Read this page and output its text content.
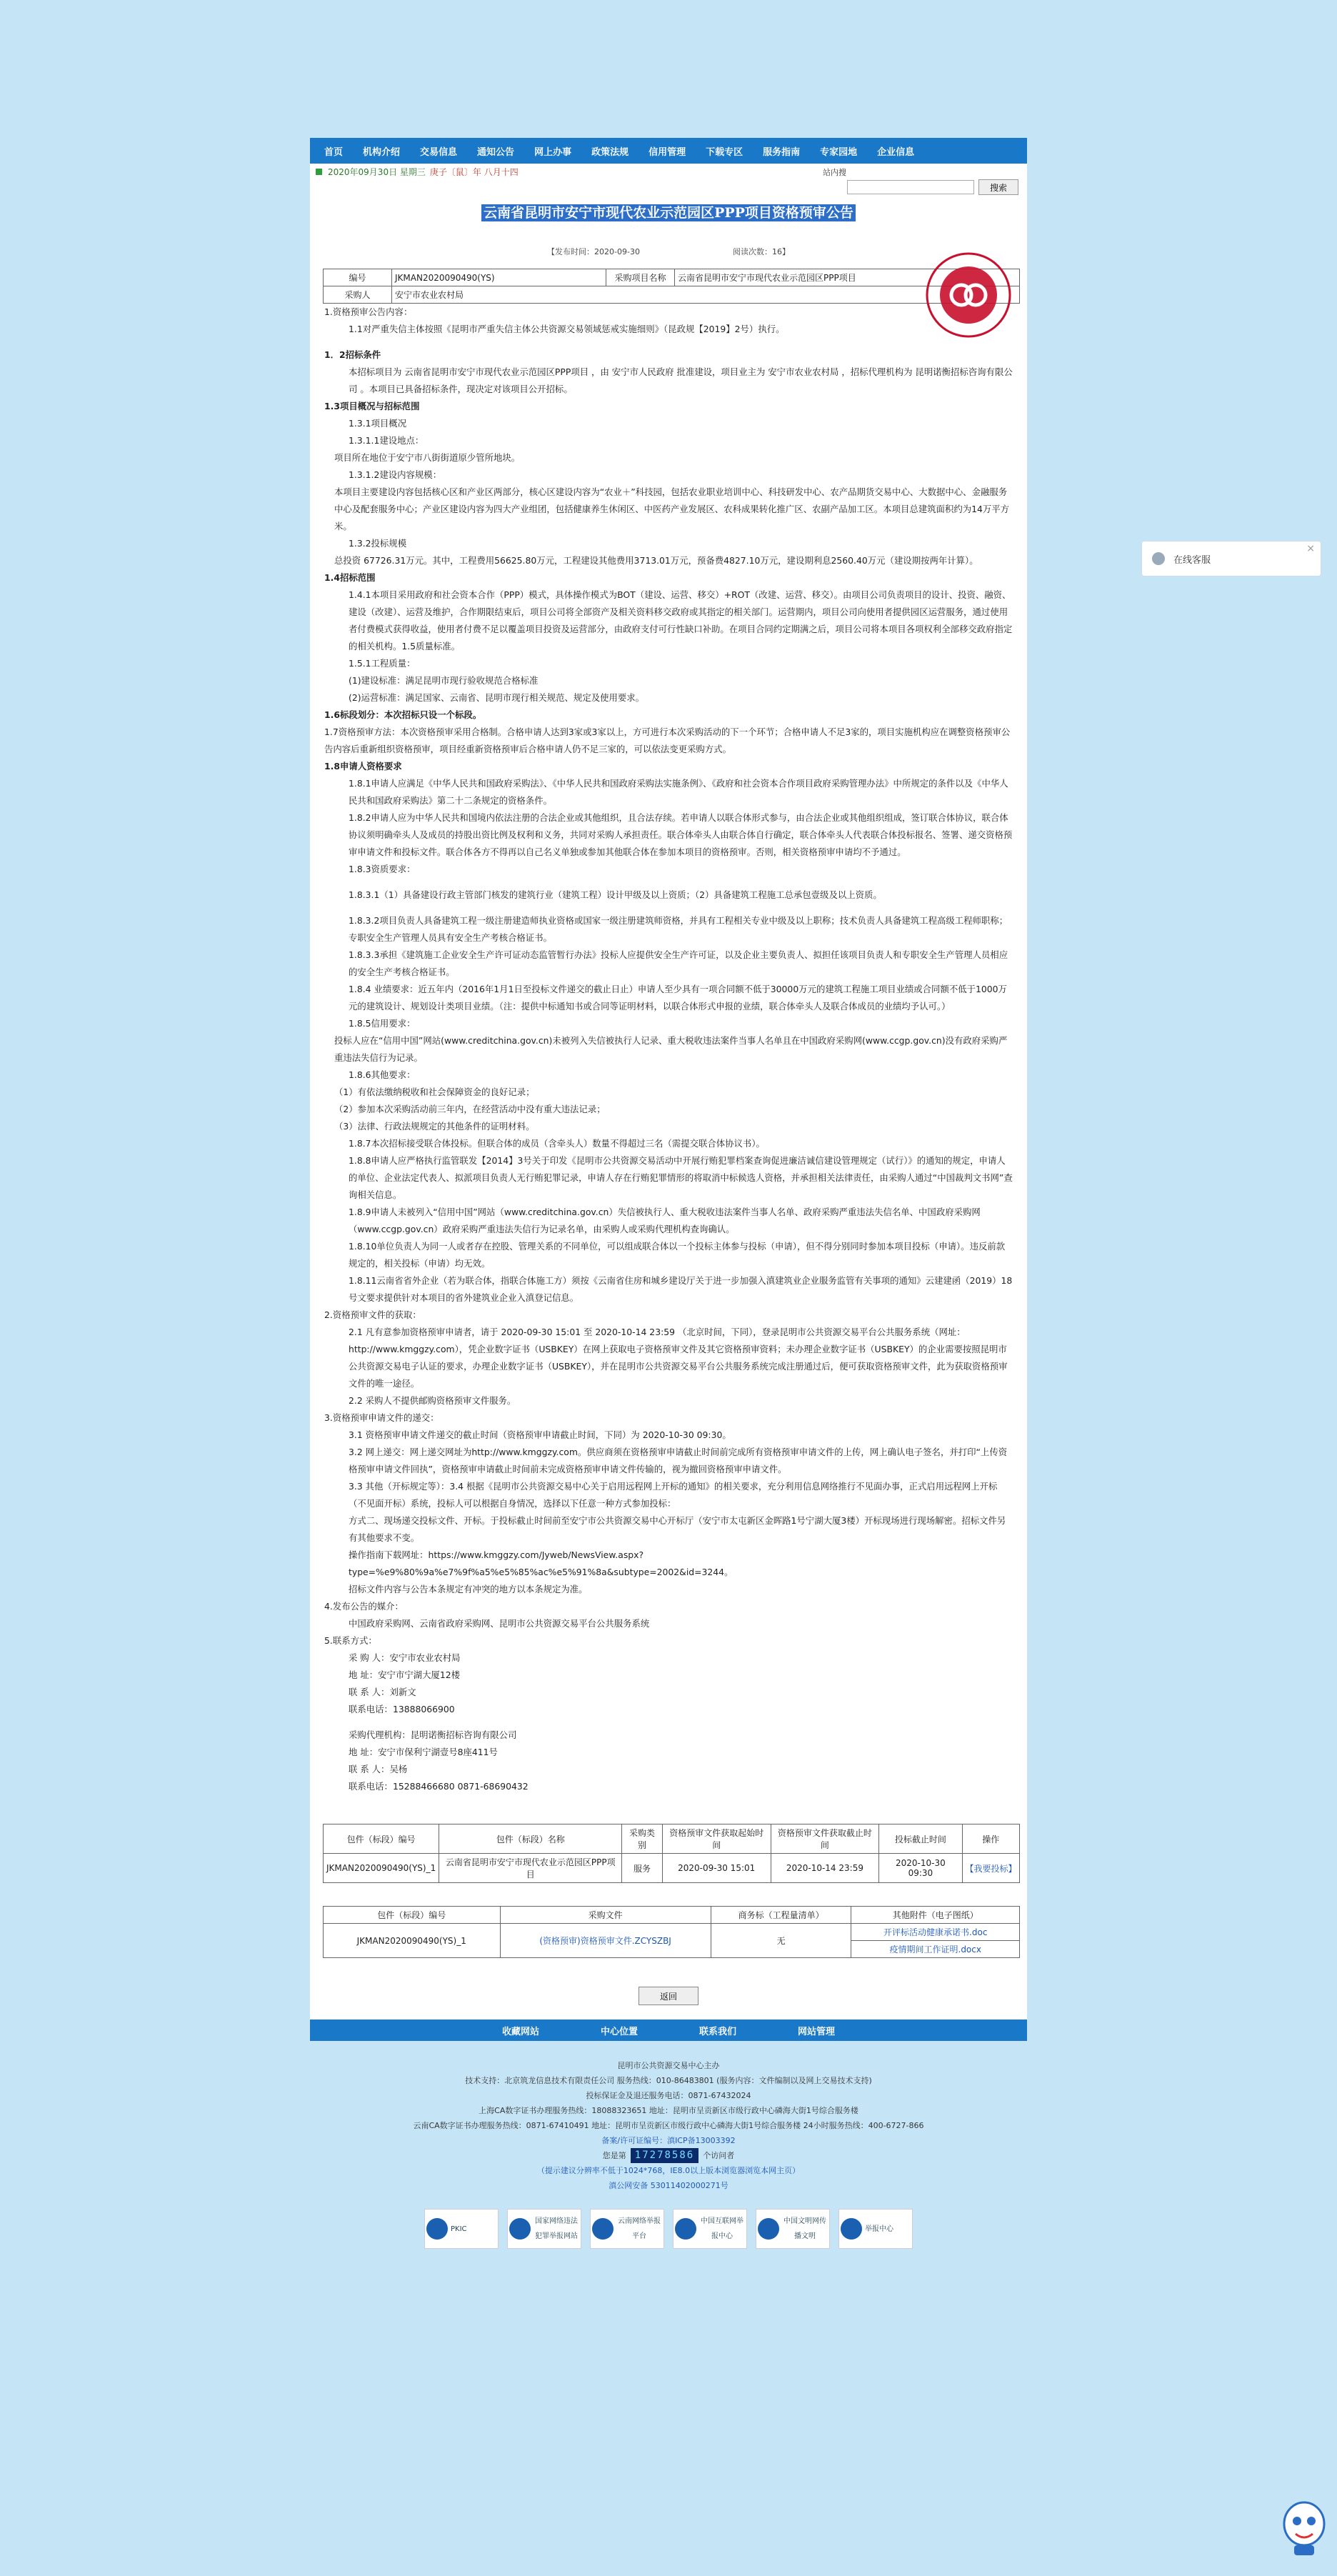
首页	机构介绍	交易信息	通知公告	网上办事	政策法规	信用管理	下载专区	服务指南	专家园地	企业信息
2020年09月30日 星期三 庚子〔鼠〕年 八月十四	站内搜
搜索
云南省昆明市安宁市现代农业示范园区PPP项目资格预审公告
【发布时间：2020-09-30	阅读次数：16】
编号	JKMAN2020090490(YS)	采购项目名称	云南省昆明市安宁市现代农业示范园区PPP项目
采购人	安宁市农业农村局		

1.资格预审公告内容：

1.1对严重失信主体按照《昆明市严重失信主体公共资源交易领域惩戒实施细则》（昆政规【2019】2号）执行。

1．2招标条件

本招标项目为 云南省昆明市安宁市现代农业示范园区PPP项目 ，由 安宁市人民政府 批准建设，项目业主为 安宁市农业农村局 ，招标代理机构为 昆明诺衡招标咨询有限公司 。本项目已具备招标条件，现决定对该项目公开招标。

1.3项目概况与招标范围

1.3.1项目概况

1.3.1.1建设地点：

项目所在地位于安宁市八街街道原少管所地块。

1.3.1.2建设内容规模：

本项目主要建设内容包括核心区和产业区两部分，核心区建设内容为“农业＋”科技园，包括农业职业培训中心、科技研发中心、农产品期货交易中心、大数据中心、金融服务中心及配套服务中心；产业区建设内容为四大产业组团，包括健康养生休闲区、中医药产业发展区、农科成果转化推广区、农副产品加工区。本项目总建筑面积约为14万平方米。

1.3.2投标规模

总投资 67726.31万元。其中，工程费用56625.80万元，工程建设其他费用3713.01万元，预备费4827.10万元，建设期利息2560.40万元（建设期按两年计算）。

1.4招标范围

1.4.1本项目采用政府和社会资本合作（PPP）模式，具体操作模式为BOT（建设、运营、移交）+ROT（改建、运营、移交）。由项目公司负责项目的设计、投资、融资、建设（改建）、运营及维护，合作期限结束后，项目公司将全部资产及相关资料移交政府或其指定的相关部门。运营期内，项目公司向使用者提供园区运营服务，通过使用者付费模式获得收益，使用者付费不足以覆盖项目投资及运营部分，由政府支付可行性缺口补助。在项目合同约定期满之后，项目公司将本项目各项权利全部移交政府指定的相关机构。1.5质量标准。

1.5.1工程质量：

(1)建设标准：满足昆明市现行验收规范合格标准

(2)运营标准：满足国家、云南省、昆明市现行相关规范、规定及使用要求。

1.6标段划分：本次招标只设一个标段。

1.7资格预审方法：本次资格预审采用合格制。合格申请人达到3家或3家以上，方可进行本次采购活动的下一个环节；合格申请人不足3家的，项目实施机构应在调整资格预审公告内容后重新组织资格预审，项目经重新资格预审后合格申请人仍不足三家的，可以依法变更采购方式。

1.8申请人资格要求

1.8.1申请人应满足《中华人民共和国政府采购法》、《中华人民共和国政府采购法实施条例》、《政府和社会资本合作项目政府采购管理办法》中所规定的条件以及《中华人民共和国政府采购法》第二十二条规定的资格条件。

1.8.2申请人应为中华人民共和国境内依法注册的合法企业或其他组织，且合法存续。若申请人以联合体形式参与，由合法企业或其他组织组成，签订联合体协议，联合体协议须明确牵头人及成员的持股出资比例及权利和义务，共同对采购人承担责任。联合体牵头人由联合体自行确定，联合体牵头人代表联合体投标报名、签署、递交资格预审申请文件和投标文件。联合体各方不得再以自己名义单独或参加其他联合体在参加本项目的资格预审。否则，相关资格预审申请均不予通过。

1.8.3资质要求：

1.8.3.1（1）具备建设行政主管部门核发的建筑行业（建筑工程）设计甲级及以上资质；（2）具备建筑工程施工总承包壹级及以上资质。

1.8.3.2项目负责人具备建筑工程一级注册建造师执业资格或国家一级注册建筑师资格，并具有工程相关专业中级及以上职称；技术负责人具备建筑工程高级工程师职称；专职安全生产管理人员具有安全生产考核合格证书。

1.8.3.3承担《建筑施工企业安全生产许可证动态监管暂行办法》投标人应提供安全生产许可证，以及企业主要负责人、拟担任该项目负责人和专职安全生产管理人员相应的安全生产考核合格证书。

1.8.4 业绩要求：近五年内（2016年1月1日至投标文件递交的截止日止）申请人至少具有一项合同额不低于30000万元的建筑工程施工项目业绩或合同额不低于1000万元的建筑设计、规划设计类项目业绩。（注：提供中标通知书或合同等证明材料，以联合体形式申报的业绩，联合体牵头人及联合体成员的业绩均予认可。）

1.8.5信用要求：

投标人应在“信用中国”网站(www.creditchina.gov.cn)未被列入失信被执行人记录、重大税收违法案件当事人名单且在中国政府采购网(www.ccgp.gov.cn)没有政府采购严重违法失信行为记录。

1.8.6其他要求：

（1）有依法缴纳税收和社会保障资金的良好记录；

（2）参加本次采购活动前三年内，在经营活动中没有重大违法记录；

（3）法律、行政法规规定的其他条件的证明材料。

1.8.7本次招标接受联合体投标。但联合体的成员（含牵头人）数量不得超过三名（需提交联合体协议书）。

1.8.8申请人应严格执行监管联发【2014】3号关于印发《昆明市公共资源交易活动中开展行贿犯罪档案查询促进廉洁诚信建设管理规定（试行）》的通知的规定，申请人的单位、企业法定代表人、拟派项目负责人无行贿犯罪记录，申请人存在行贿犯罪情形的将取消中标候选人资格，并承担相关法律责任，由采购人通过“中国裁判文书网”查询相关信息。

1.8.9申请人未被列入“信用中国”网站（www.creditchina.gov.cn）失信被执行人、重大税收违法案件当事人名单、政府采购严重违法失信名单、中国政府采购网（www.ccgp.gov.cn）政府采购严重违法失信行为记录名单，由采购人或采购代理机构查询确认。

1.8.10单位负责人为同一人或者存在控股、管理关系的不同单位，可以组成联合体以一个投标主体参与投标（申请），但不得分别同时参加本项目投标（申请）。违反前款规定的，相关投标（申请）均无效。

1.8.11云南省省外企业（若为联合体，指联合体施工方）须按《云南省住房和城乡建设厅关于进一步加强入滇建筑业企业服务监管有关事项的通知》云建建函（2019）18号文要求提供针对本项目的省外建筑业企业入滇登记信息。

2.资格预审文件的获取：

2.1 凡有意参加资格预审申请者，请于 2020-09-30 15:01 至 2020-10-14 23:59 （北京时间，下同），登录昆明市公共资源交易平台公共服务系统（网址：http://www.kmggzy.com），凭企业数字证书（USBKEY）在网上获取电子资格预审文件及其它资格预审资料；未办理企业数字证书（USBKEY）的企业需要按照昆明市公共资源交易电子认证的要求，办理企业数字证书（USBKEY），并在昆明市公共资源交易平台公共服务系统完成注册通过后，便可获取资格预审文件，此为获取资格预审文件的唯一途径。

2.2 采购人不提供邮购资格预审文件服务。

3.资格预审申请文件的递交：

3.1 资格预审申请文件递交的截止时间（资格预审申请截止时间，下同）为 2020-10-30 09:30。

3.2 网上递交：网上递交网址为http://www.kmggzy.com。供应商须在资格预审申请截止时间前完成所有资格预审申请文件的上传，网上确认电子签名，并打印“上传资格预审申请文件回执”，资格预审申请截止时间前未完成资格预审申请文件传输的，视为撤回资格预审申请文件。

3.3 其他（开标规定等）：3.4 根据《昆明市公共资源交易中心关于启用远程网上开标的通知》的相关要求，充分利用信息网络推行不见面办事，正式启用远程网上开标（不见面开标）系统，投标人可以根据自身情况，选择以下任意一种方式参加投标：

方式二、现场递交投标文件、开标。于投标截止时间前至安宁市公共资源交易中心开标厅（安宁市太屯新区金晖路1号宁湖大厦3楼）开标现场进行现场解密。招标文件另有其他要求不变。

操作指南下载网址：https://www.kmggzy.com/Jyweb/NewsView.aspx?type=%e9%80%9a%e7%9f%a5%e5%85%ac%e5%91%8a&subtype=2002&id=3244。

招标文件内容与公告本条规定有冲突的地方以本条规定为准。

4.发布公告的媒介：

中国政府采购网、云南省政府采购网、昆明市公共资源交易平台公共服务系统

5.联系方式：

采 购 人：安宁市农业农村局

地 址：安宁市宁湖大厦12楼

联 系 人：刘新文

联系电话：13888066900

采购代理机构：昆明诺衡招标咨询有限公司

地 址：安宁市保利宁湖壹号8座411号

联 系 人：吴杨

联系电话：15288466680 0871-68690432

包件（标段）编号	包件（标段）名称	采购类别	资格预审文件获取起始时间	资格预审文件获取截止时间	投标截止时间	操作
JKMAN2020090490(YS)_1	云南省昆明市安宁市现代农业示范园区PPP项目	服务	2020-09-30 15:01	2020-10-14 23:59	2020-10-30 09:30	【我要投标】
包件（标段）编号	采购文件	商务标（工程量清单）	其他附件（电子图纸）
JKMAN2020090490(YS)_1	(资格预审)资格预审文件.ZCYSZBJ	无	开评标活动健康承诺书.doc
			疫情期间工作证明.docx
返回
收藏网站	中心位置	联系我们	网站管理
昆明市公共资源交易中心主办
技术支持：北京筑龙信息技术有限责任公司 服务热线：010-86483801 (服务内容：文件编制以及网上交易技术支持)
投标保证金及退还服务电话：0871-67432024
上海CA数字证书办理服务热线：18088323651 地址：昆明市呈贡新区市级行政中心磷海大街1号综合服务楼
云南CA数字证书办理服务热线：0871-67410491 地址：昆明市呈贡新区市级行政中心磷海大街1号综合服务楼 24小时服务热线：400-6727-866
备案/许可证编号：滇ICP备13003392
您是第 17278586 个访问者
（提示建议分辨率不低于1024*768，IE8.0以上版本浏览器浏览本网主页）
滇公网安备 53011402000271号
PKIC
国家网络违法犯罪举报网站
云南网络举报平台
中国互联网举报中心
中国文明网传播文明
举报中心
在线客服
×
